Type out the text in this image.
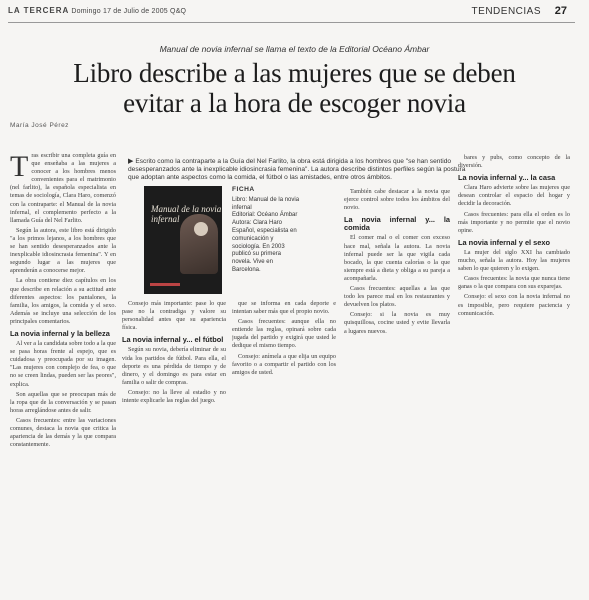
LA TERCERA Domingo 17 de Julio de 2005 Q&Q	TENDENCIAS 27
Manual de novia infernal se llama el texto de la Editorial Océano Ámbar
Libro describe a las mujeres que se deben evitar a la hora de escoger novia
María José Pérez
▶ Escrito como la contraparte a la Guía del Nel Farlito, la obra está dirigida a los hombres que "se han sentido desesperanzados ante la inexplicable idiosincrasia femenina". La autora describe distintos perfiles según la postura que adoptan ante aspectos como la comida, el fútbol o las amistades, entre otros ámbitos.
Manual de la novia infernal
FICHA
Libro: Manual de la novia infernal
Editorial: Océano Ámbar
Autora: Clara Haro
Español, especialista en comunicación y sociología. En 2003 publicó su primera novela. Vive en Barcelona.
T ras escribir una completa guía en que enseñaba a las mujeres a conocer a los hombres menos convenientes para el matrimonio (nel farlito), la española especialista en temas de sociología, Clara Haro, comenzó con la contraparte: el Manual de la novia infernal, el complemento perfecto a la llamada Guía del Nel Farlito.

Según la autora, este libro está dirigido "a los primos lejanos, a los hombres que se han sentido desesperanzados ante la inexplicable idiosincrasia femenina". Y en segundo lugar a las mujeres que aprenderán a conocerse mejor.

La obra contiene diez capítulos en los que describe en relación a su actitud ante diferentes aspectos: los pantalones, la familia, los amigos, la comida y el sexo. Además se incluye una selección de los principales comentarios.

La novia infernal y la belleza

Al ver a la candidata sobre todo a la que se pasa horas frente al espejo, que es cuidadosa y preocupada por su imagen. "Las mujeres con complejo de fea, o que no se creen lindas, pueden ser las peores", explica.

Son aquellas que se preocupan más de la ropa que de la conversación y se pasan horas arreglándose antes de salir.

Casos frecuentes: entre las variaciones comunes, destaca la novia que critica la apariencia de las demás y la que compara constantemente.

Consejo más importante: pase lo que pase no la contradiga y valore su personalidad antes que su apariencia física.

La novia infernal y... el fútbol

Según su novia, debería eliminar de su vida los partidos de fútbol. Para ella, el deporte es una pérdida de tiempo y de dinero, y el domingo es para estar en familia o salir de compras.

Consejo: no la lleve al estadio y no intente explicarle las reglas del juego.

que se informa en cada deporte e intentan saber más que el propio novio.

Casos frecuentes: aunque ella no entiende las reglas, opinará sobre cada jugada del partido y exigirá que usted le dedique el mismo tiempo.

Consejo: anímela a que elija un equipo favorito o a compartir el partido con los amigos de usted.

También cabe destacar a la novia que ejerce control sobre todos los ámbitos del novio.

La novia infernal y... la comida

El comer mal o el comer con exceso hace mal, señala la autora. La novia infernal puede ser la que vigila cada bocado, la que cuenta calorías o la que siempre está a dieta y obliga a su pareja a acompañarla.

Casos frecuentes: aquellas a las que todo les parece mal en los restaurantes y devuelven los platos.

Consejo: si la novia es muy quisquillosa, cocine usted y evite llevarla a lugares nuevos.

bares y pubs, como concepto de la diversión.

La novia infernal y... la casa

Clara Haro advierte sobre las mujeres que desean controlar el espacio del hogar y decidir la decoración.

Casos frecuentes: para ella el orden es lo más importante y no permite que el novio opine.

La novia infernal y el sexo

La mujer del siglo XXI ha cambiado mucho, señala la autora. Hoy las mujeres saben lo que quieren y lo exigen.

Casos frecuentes: la novia que nunca tiene ganas o la que compara con sus exparejas.

Consejo: el sexo con la novia infernal no es imposible, pero requiere paciencia y comunicación.
